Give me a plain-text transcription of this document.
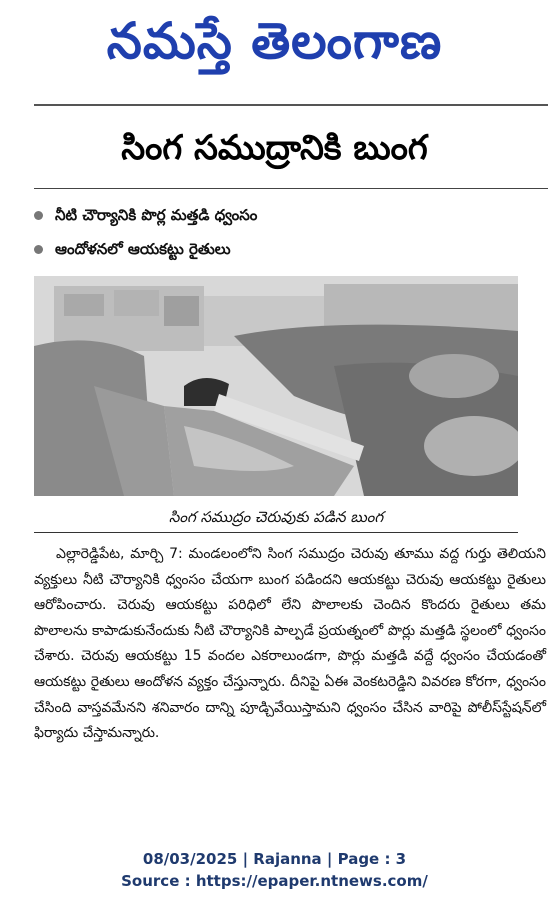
నమస్తే తెలంగాణ
సింగ సముద్రానికి బుంగ
నీటి చౌర్యానికి పొర్ల మత్తడి ధ్వంసం
ఆందోళనలో ఆయకట్టు రైతులు
సింగ సముద్రం చెరువుకు పడిన బుంగ

ఎల్లారెడ్డిపేట, మార్చి 7: మండలంలోని సింగ సముద్రం చెరువు తూము వద్ద గుర్తు తెలియని వ్యక్తులు నీటి చౌర్యానికి ధ్వంసం చేయగా బుంగ పడిందని ఆయకట్టు చెరువు ఆయకట్టు రైతులు ఆరోపించారు. చెరువు ఆయకట్టు పరిధిలో లేని పొలాలకు చెందిన కొందరు రైతులు తమ పొలాలను కాపాడుకునేందుకు నీటి చౌర్యానికి పాల్పడే ప్రయత్నంలో పొర్లు మత్తడి స్థలంలో ధ్వంసం చేశారు. చెరువు ఆయకట్టు 15 వందల ఎకరాలుండగా, పొర్లు మత్తడి వద్దే ధ్వంసం చేయడంతో ఆయకట్టు రైతులు ఆందోళన వ్యక్తం చేస్తున్నారు. దీనిపై ఏఈ వెంకటరెడ్డిని వివరణ కోరగా, ధ్వంసం చేసింది వాస్తవమేనని శనివారం దాన్ని పూడ్చివేయిస్తామని ధ్వంసం చేసిన వారిపై పోలీస్‌స్టేషన్‌లో ఫిర్యాదు చేస్తామన్నారు.

08/03/2025 | Rajanna | Page : 3
Source : https://epaper.ntnews.com/
